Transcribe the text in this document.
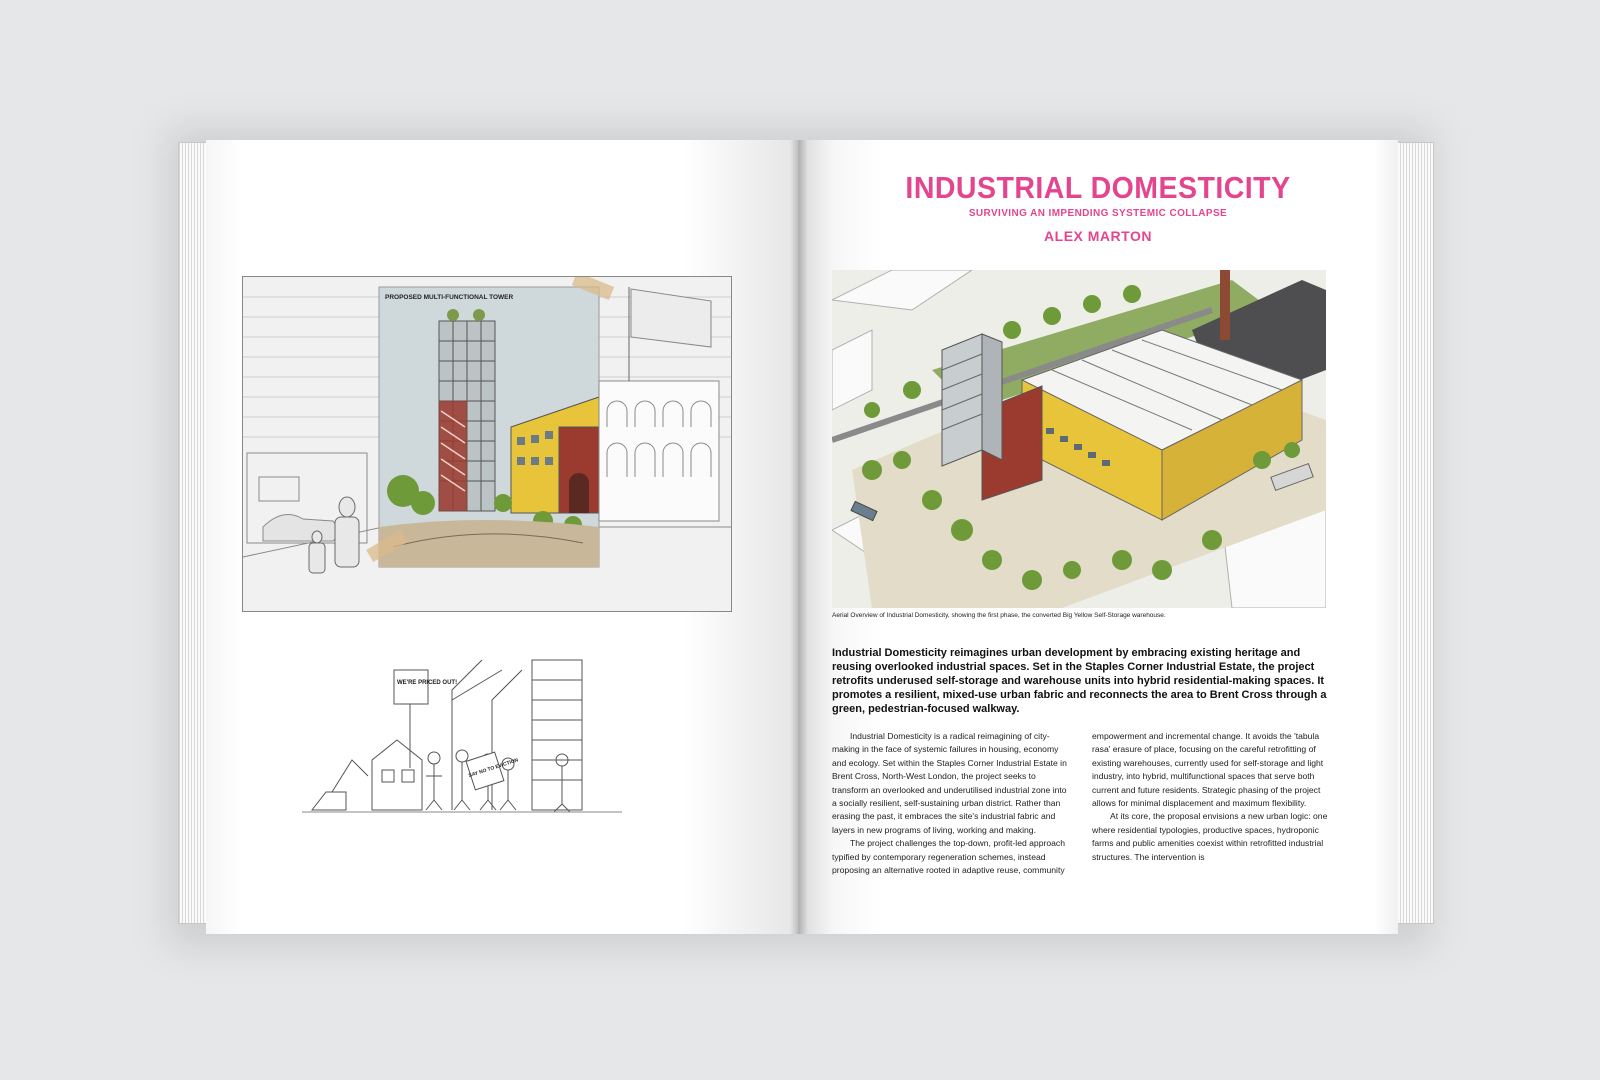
PROPOSED MULTI-FUNCTIONAL TOWER
WE'RE PRICED OUT!
SAY NO TO EVICTION
INDUSTRIAL DOMESTICITY
SURVIVING AN IMPENDING SYSTEMIC COLLAPSE
ALEX MARTON
Aerial Overview of Industrial Domesticity, showing the first phase, the converted Big Yellow Self-Storage warehouse.
Industrial Domesticity reimagines urban development by embracing existing heritage and reusing overlooked industrial spaces. Set in the Staples Corner Industrial Estate, the project retrofits underused self-storage and warehouse units into hybrid residential-making spaces. It promotes a resilient, mixed-use urban fabric and reconnects the area to Brent Cross through a green, pedestrian-focused walkway.

Industrial Domesticity is a radical reimagining of city-making in the face of systemic failures in housing, economy and ecology. Set within the Staples Corner Industrial Estate in Brent Cross, North-West London, the project seeks to transform an overlooked and underutilised industrial zone into a socially resilient, self-sustaining urban district. Rather than erasing the past, it embraces the site's industrial fabric and layers in new programs of living, working and making.

The project challenges the top-down, profit-led approach typified by contemporary regeneration schemes, instead proposing an alternative rooted in adaptive reuse, community empowerment and incremental change. It avoids the 'tabula rasa' erasure of place, focusing on the careful retrofitting of existing warehouses, currently used for self-storage and light industry, into hybrid, multifunctional spaces that serve both current and future residents. Strategic phasing of the project allows for minimal displacement and maximum flexibility.

At its core, the proposal envisions a new urban logic: one where residential typologies, productive spaces, hydroponic farms and public amenities coexist within retrofitted industrial structures. The intervention is
